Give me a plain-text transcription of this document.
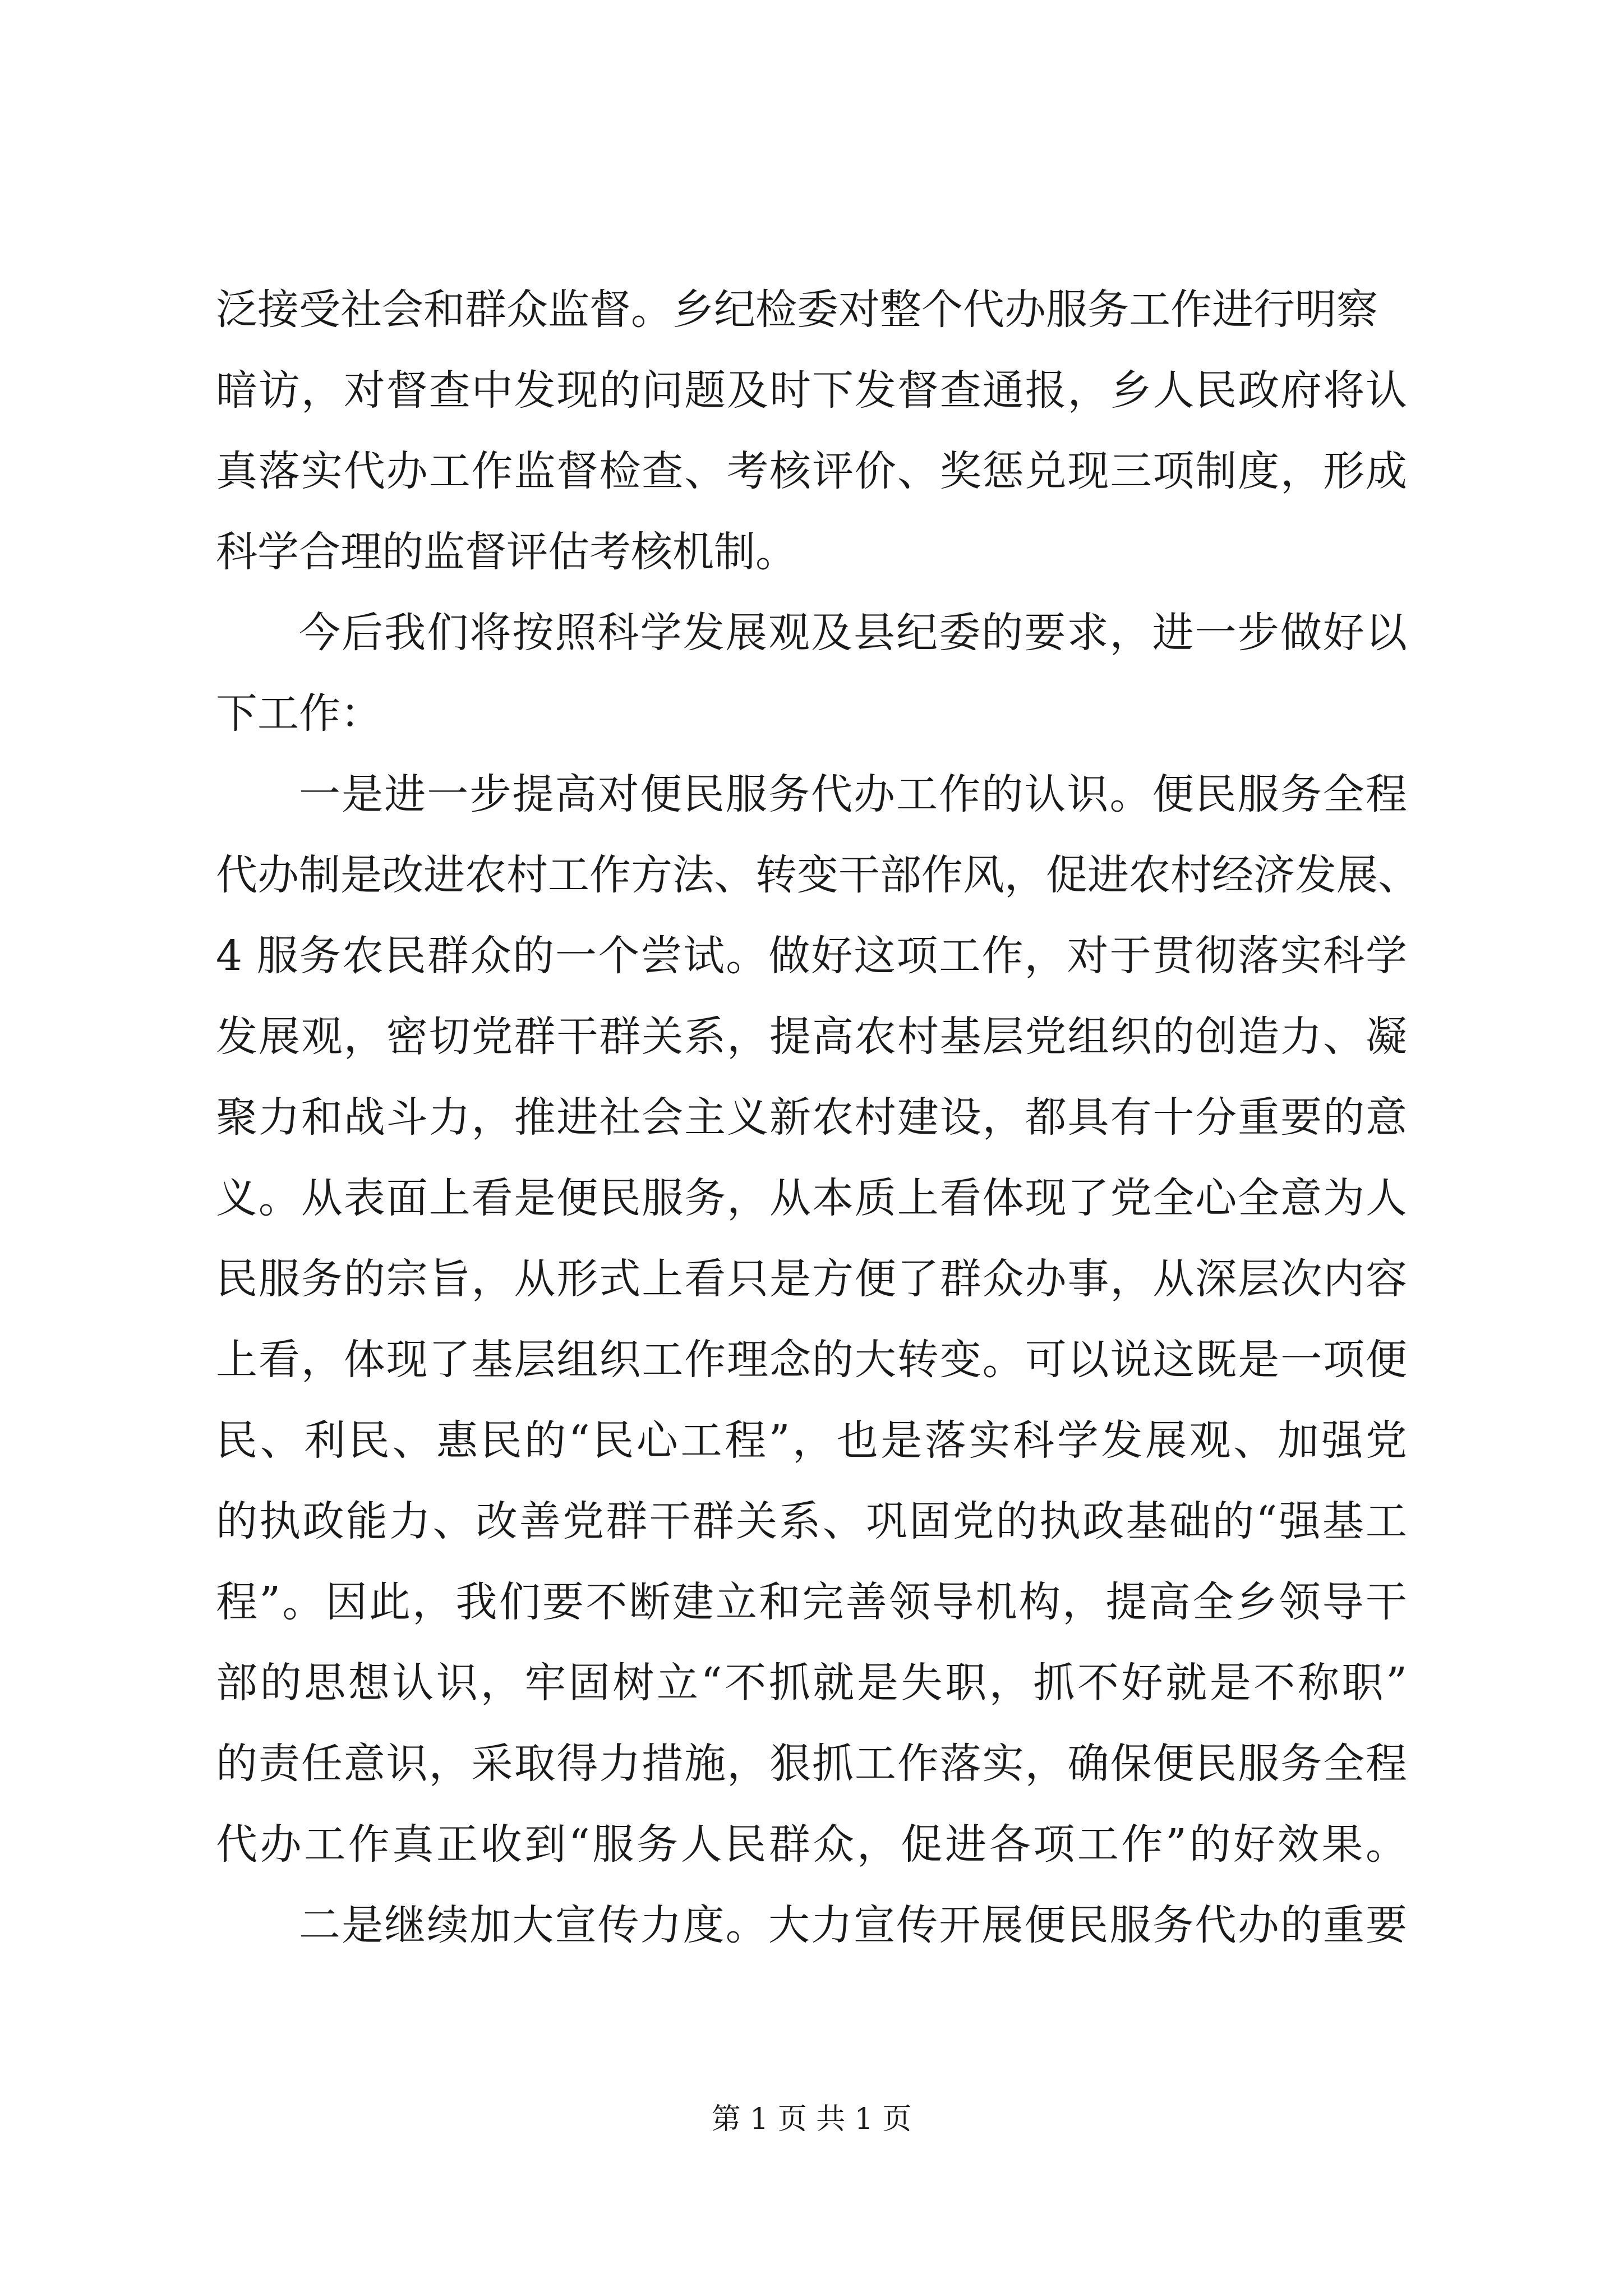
泛接受社会和群众监督。乡纪检委对整个代办服务工作进行明察
暗访，对督查中发现的问题及时下发督查通报，乡人民政府将认
真落实代办工作监督检查、考核评价、奖惩兑现三项制度，形成
科学合理的监督评估考核机制。
今后我们将按照科学发展观及县纪委的要求，进一步做好以
下工作：
一是进一步提高对便民服务代办工作的认识。便民服务全程
代办制是改进农村工作方法、转变干部作风，促进农村经济发展、
4 服务农民群众的一个尝试。做好这项工作，对于贯彻落实科学
发展观，密切党群干群关系，提高农村基层党组织的创造力、凝
聚力和战斗力，推进社会主义新农村建设，都具有十分重要的意
义。从表面上看是便民服务，从本质上看体现了党全心全意为人
民服务的宗旨，从形式上看只是方便了群众办事，从深层次内容
上看，体现了基层组织工作理念的大转变。可以说这既是一项便
民、利民、惠民的“民心工程”，也是落实科学发展观、加强党
的执政能力、改善党群干群关系、巩固党的执政基础的“强基工
程”。因此，我们要不断建立和完善领导机构，提高全乡领导干
部的思想认识，牢固树立“不抓就是失职，抓不好就是不称职”
的责任意识，采取得力措施，狠抓工作落实，确保便民服务全程
代办工作真正收到“服务人民群众，促进各项工作”的好效果。
二是继续加大宣传力度。大力宣传开展便民服务代办的重要
第 1 页 共 1 页
